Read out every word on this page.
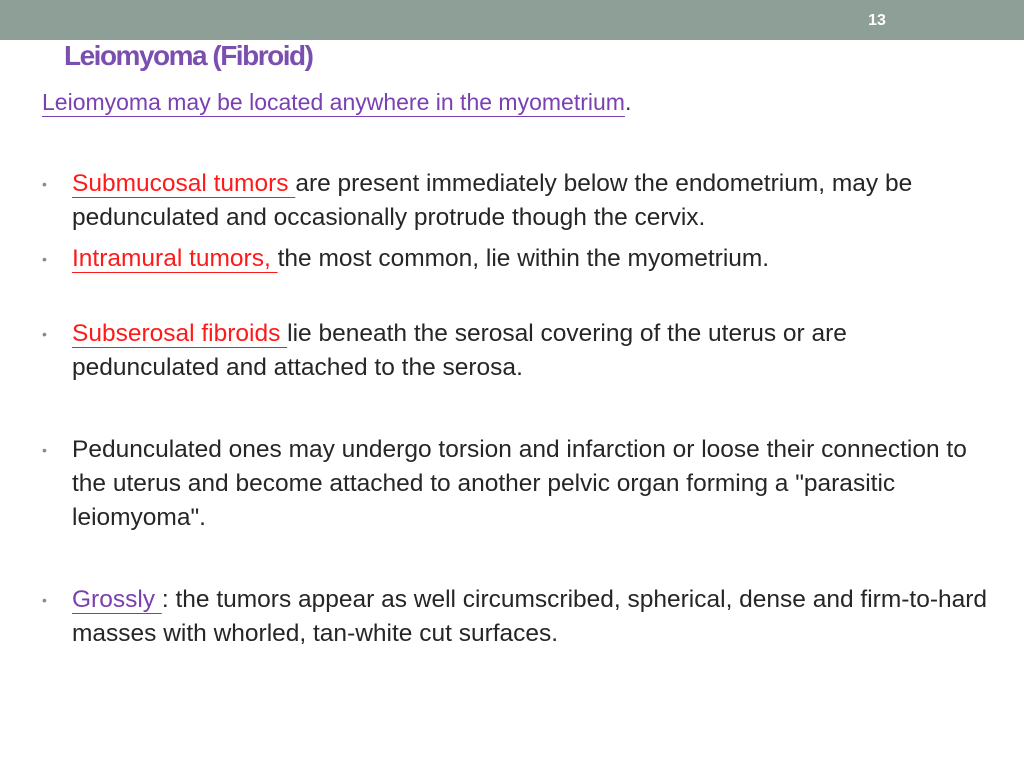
13
Leiomyoma (Fibroid)
Leiomyoma may be located anywhere in the myometrium.
• Submucosal tumors are present immediately below the endometrium, may be pedunculated and occasionally protrude though the cervix.
• Intramural tumors, the most common, lie within the myometrium.
• Subserosal fibroids lie beneath the serosal covering of the uterus or are pedunculated and attached to the serosa.
• Pedunculated ones may undergo torsion and infarction or loose their connection to the uterus and become attached to another pelvic organ forming a "parasitic leiomyoma".
• Grossly : the tumors appear as well circumscribed, spherical, dense and firm-to-hard masses with whorled, tan-white cut surfaces.
